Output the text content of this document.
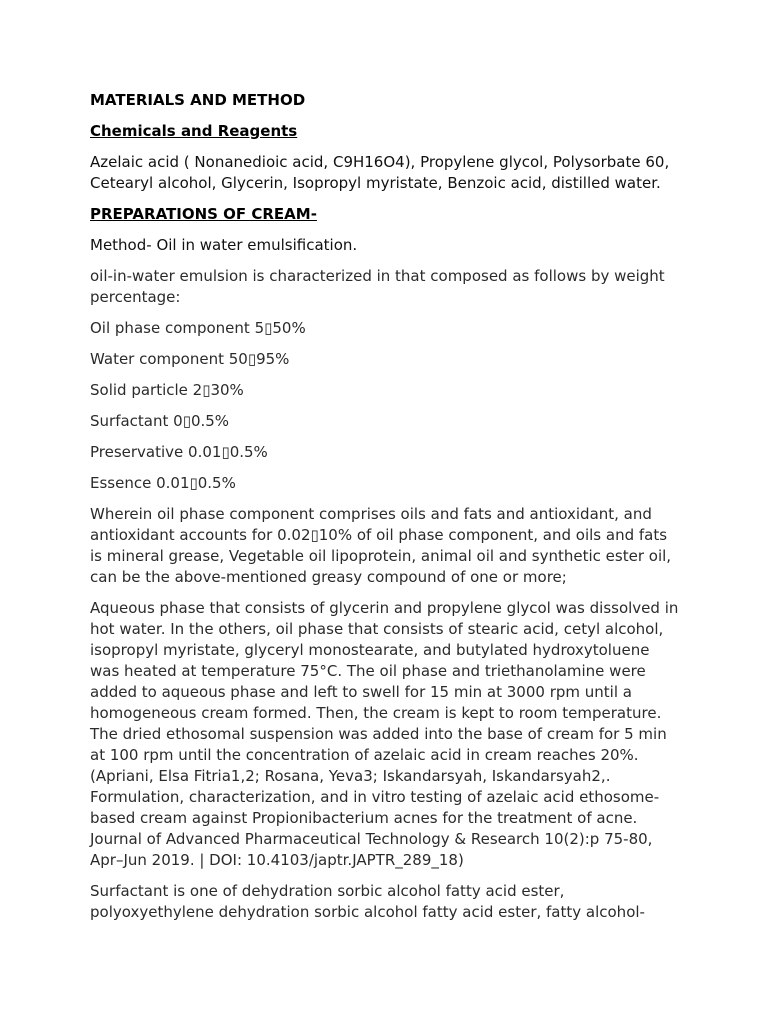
MATERIALS AND METHOD
Chemicals and Reagents

Azelaic acid ( Nonanedioic acid, C9H16O4), Propylene glycol, Polysorbate 60, Cetearyl alcohol, Glycerin, Isopropyl myristate, Benzoic acid, distilled water.

PREPARATIONS OF CREAM-

Method- Oil in water emulsification.

oil-in-water emulsion is characterized in that composed as follows by weight percentage:

Oil phase component 5▯50%

Water component 50▯95%

Solid particle 2▯30%

Surfactant 0▯0.5%

Preservative 0.01▯0.5%

Essence 0.01▯0.5%

Wherein oil phase component comprises oils and fats and antioxidant, and antioxidant accounts for 0.02▯10% of oil phase component, and oils and fats is mineral grease, Vegetable oil lipoprotein, animal oil and synthetic ester oil, can be the above-mentioned greasy compound of one or more;

Aqueous phase that consists of glycerin and propylene glycol was dissolved in hot water. In the others, oil phase that consists of stearic acid, cetyl alcohol, isopropyl myristate, glyceryl monostearate, and butylated hydroxytoluene was heated at temperature 75°C. The oil phase and triethanolamine were added to aqueous phase and left to swell for 15 min at 3000 rpm until a homogeneous cream formed. Then, the cream is kept to room temperature. The dried ethosomal suspension was added into the base of cream for 5 min at 100 rpm until the concentration of azelaic acid in cream reaches 20%.(Apriani, Elsa Fitria1,2; Rosana, Yeva3; Iskandarsyah, Iskandarsyah2,. Formulation, characterization, and in vitro testing of azelaic acid ethosome-based cream against Propionibacterium acnes for the treatment of acne. Journal of Advanced Pharmaceutical Technology & Research 10(2):p 75-80, Apr–Jun 2019. | DOI: 10.4103/japtr.JAPTR_289_18)

Surfactant is one of dehydration sorbic alcohol fatty acid ester, polyoxyethylene dehydration sorbic alcohol fatty acid ester, fatty alcohol-
